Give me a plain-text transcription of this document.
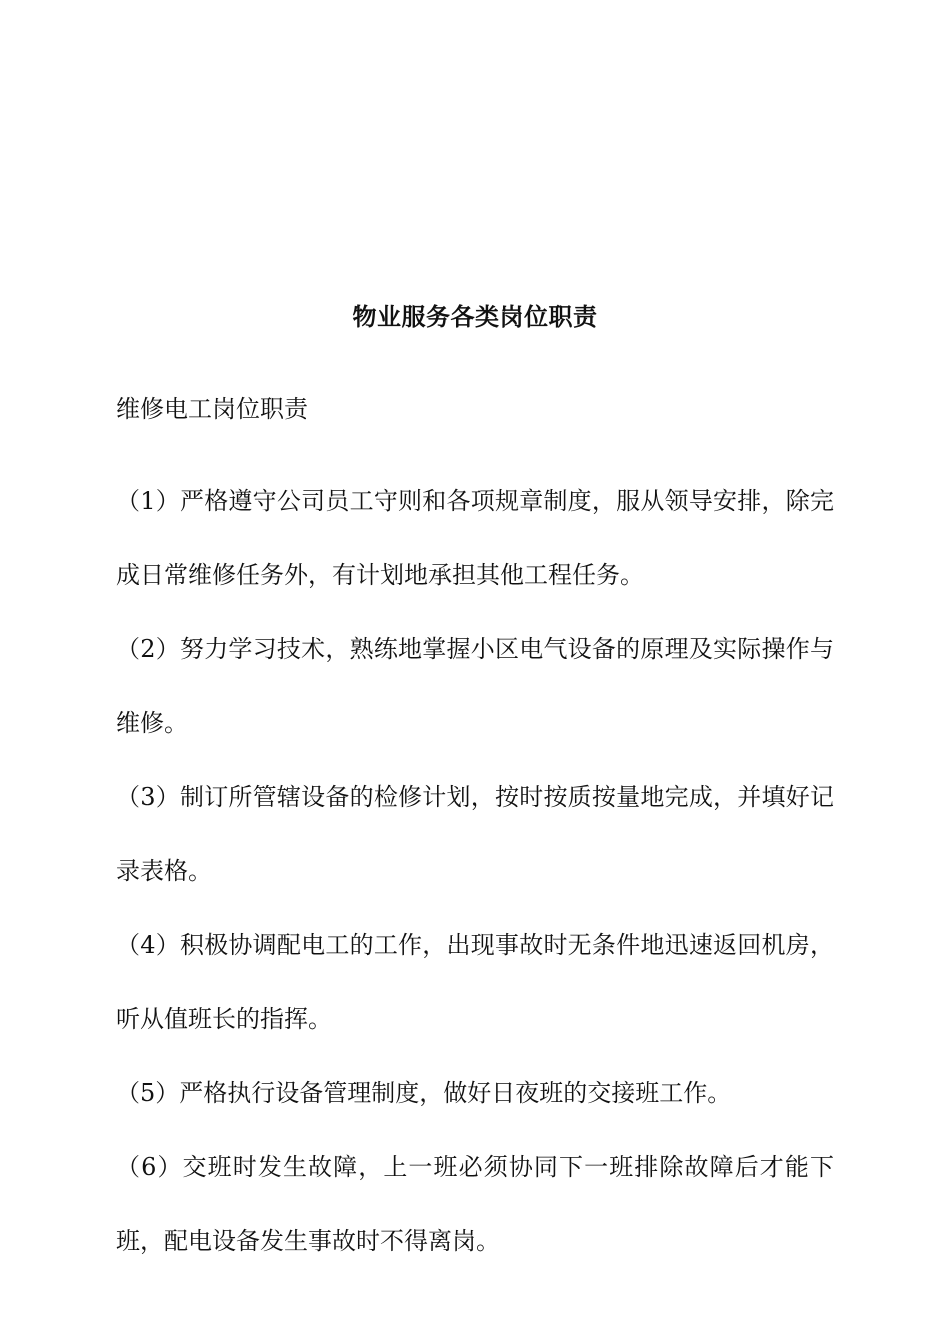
物业服务各类岗位职责
维修电工岗位职责

（1）严格遵守公司员工守则和各项规章制度，服从领导安排，除完成日常维修任务外，有计划地承担其他工程任务。

（2）努力学习技术，熟练地掌握小区电气设备的原理及实际操作与维修。

（3）制订所管辖设备的检修计划，按时按质按量地完成，并填好记录表格。

（4）积极协调配电工的工作，出现事故时无条件地迅速返回机房，听从值班长的指挥。

（5）严格执行设备管理制度，做好日夜班的交接班工作。

（6）交班时发生故障，上一班必须协同下一班排除故障后才能下班，配电设备发生事故时不得离岗。
